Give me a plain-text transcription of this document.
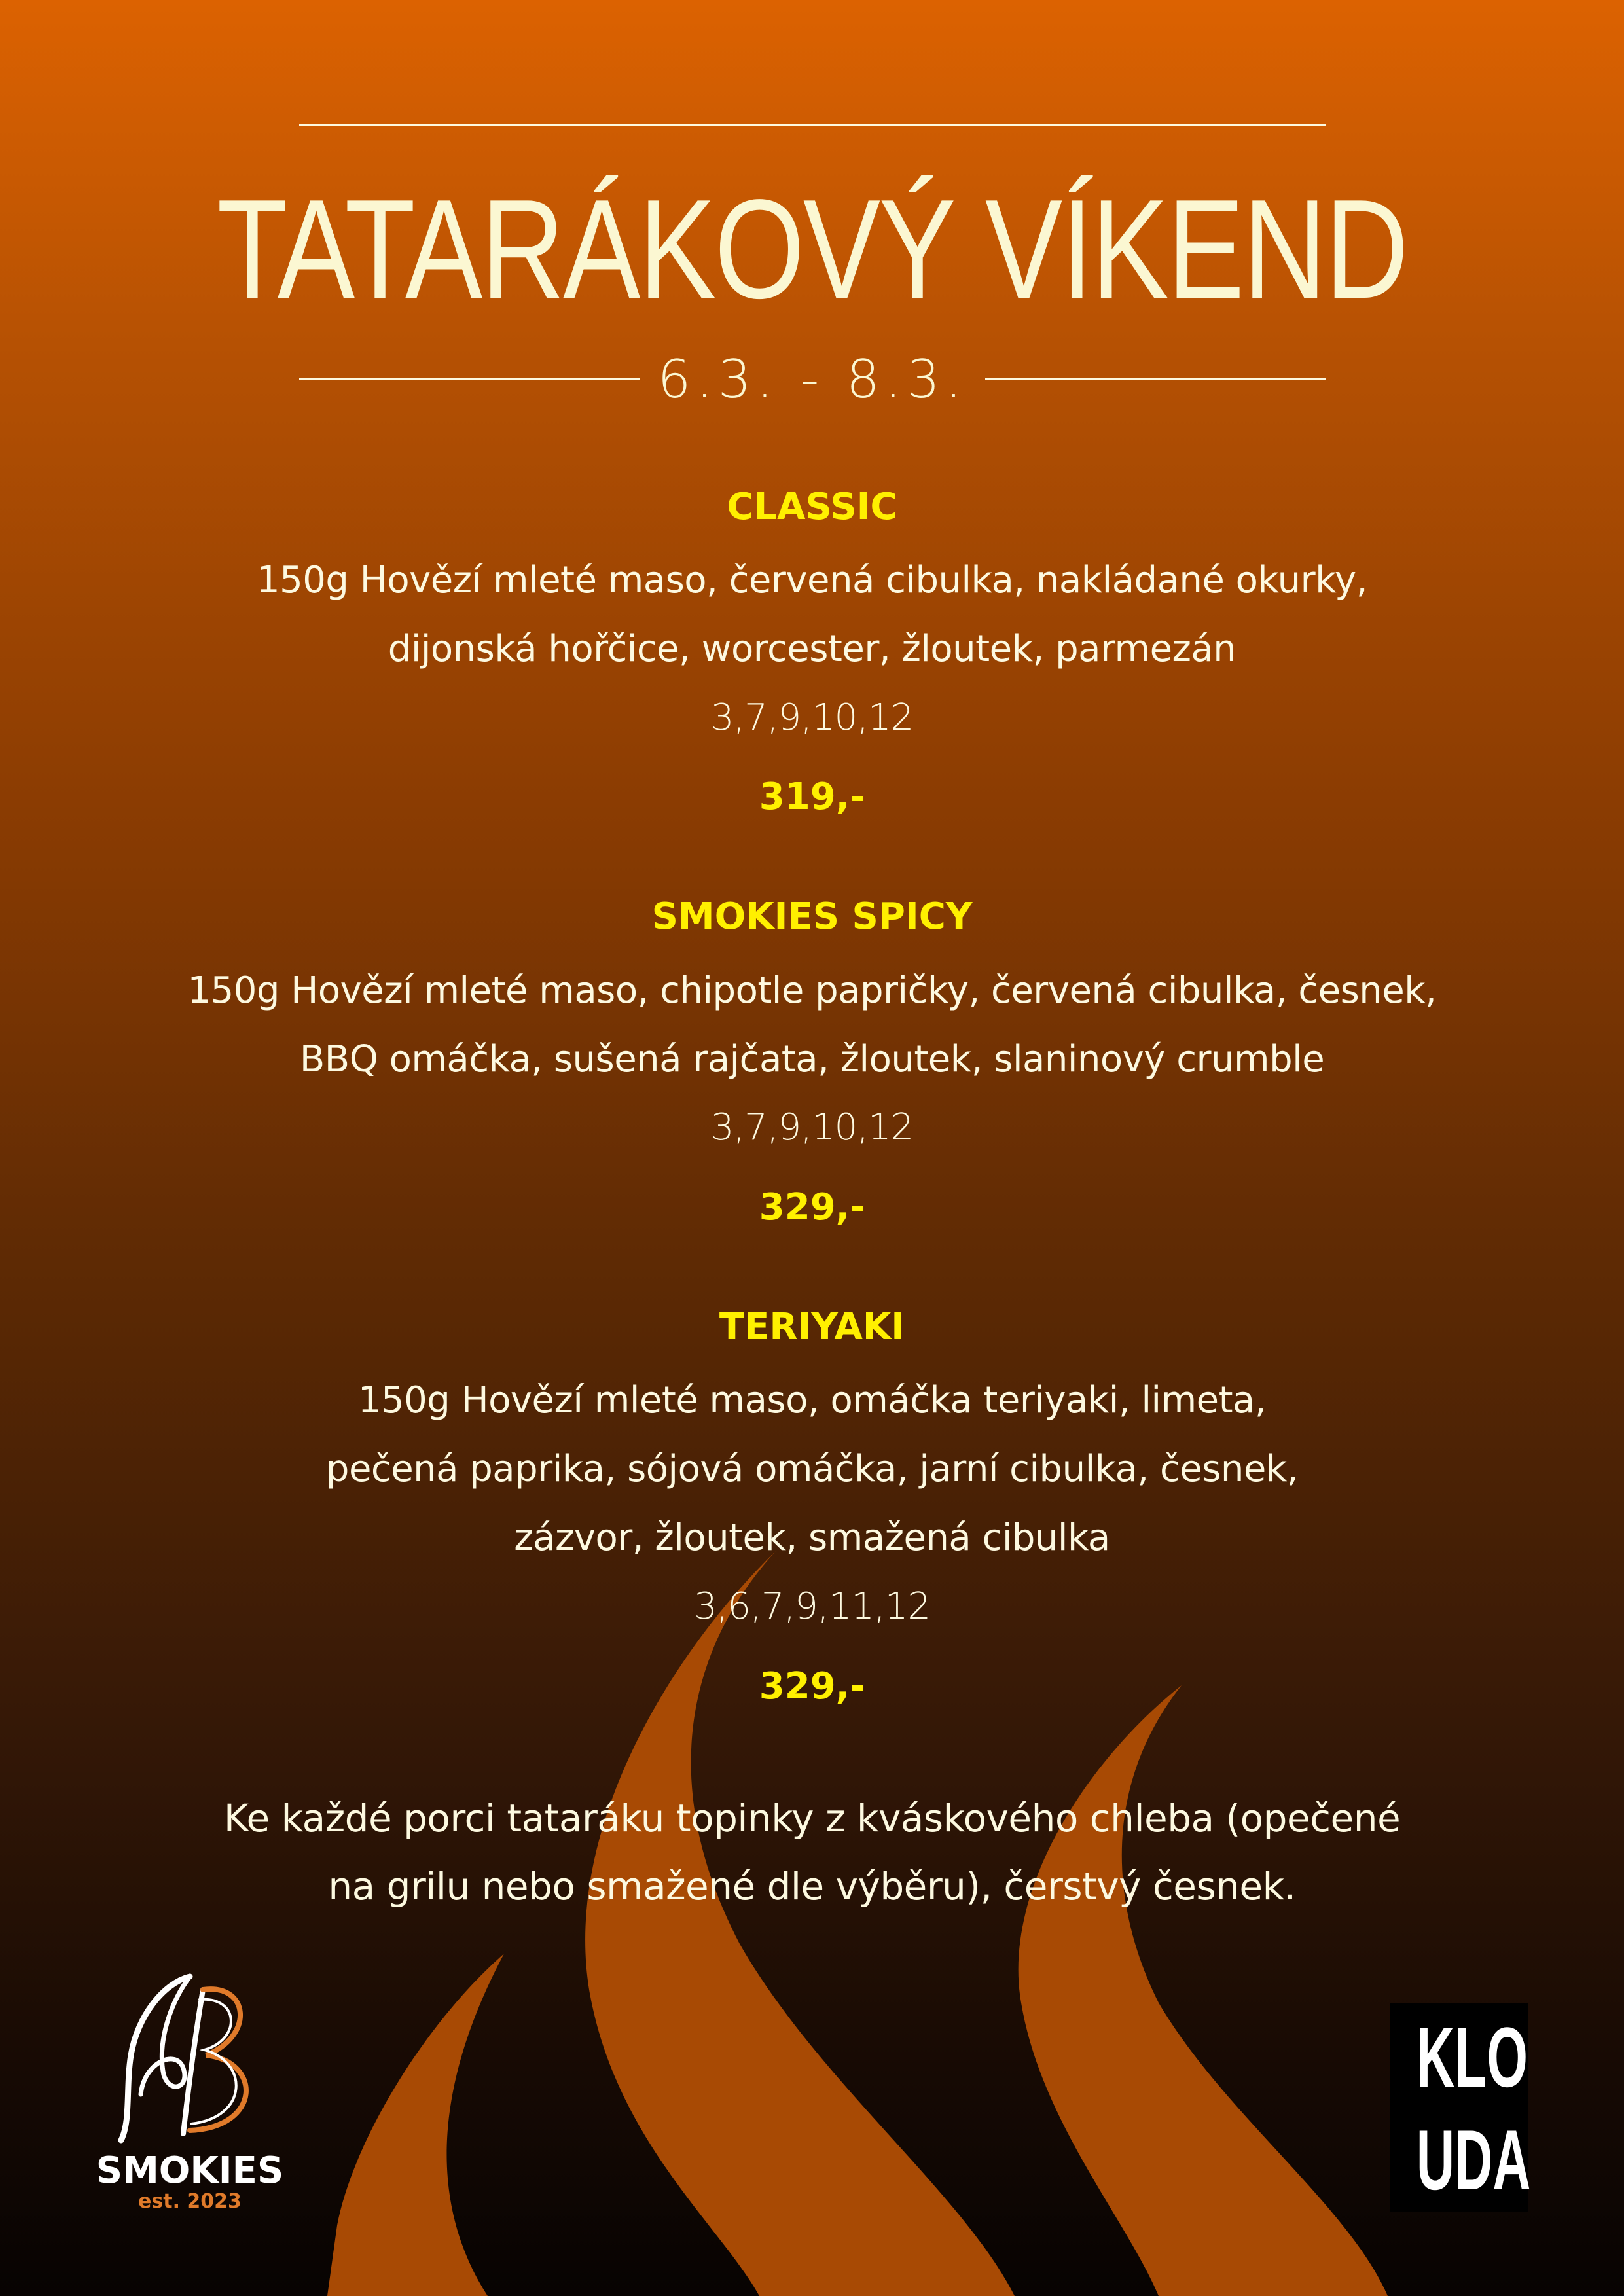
TATARÁKOVÝ VÍKEND
6.3. - 8.3.
CLASSIC
150g Hovězí mleté maso, červená cibulka, nakládané okurky,
dijonská hořčice, worcester, žloutek, parmezán
3,7,9,10,12
319,-
SMOKIES SPICY
150g Hovězí mleté maso, chipotle papričky, červená cibulka, česnek,
BBQ omáčka, sušená rajčata, žloutek, slaninový crumble
3,7,9,10,12
329,-
TERIYAKI
150g Hovězí mleté maso, omáčka teriyaki, limeta,
pečená paprika, sójová omáčka, jarní cibulka, česnek,
zázvor, žloutek, smažená cibulka
3,6,7,9,11,12
329,-
Ke každé porci tataráku topinky z kváskového chleba (opečené
na grilu nebo smažené dle výběru), čerstvý česnek.
SMOKIES
est. 2023
KLO
UDA
